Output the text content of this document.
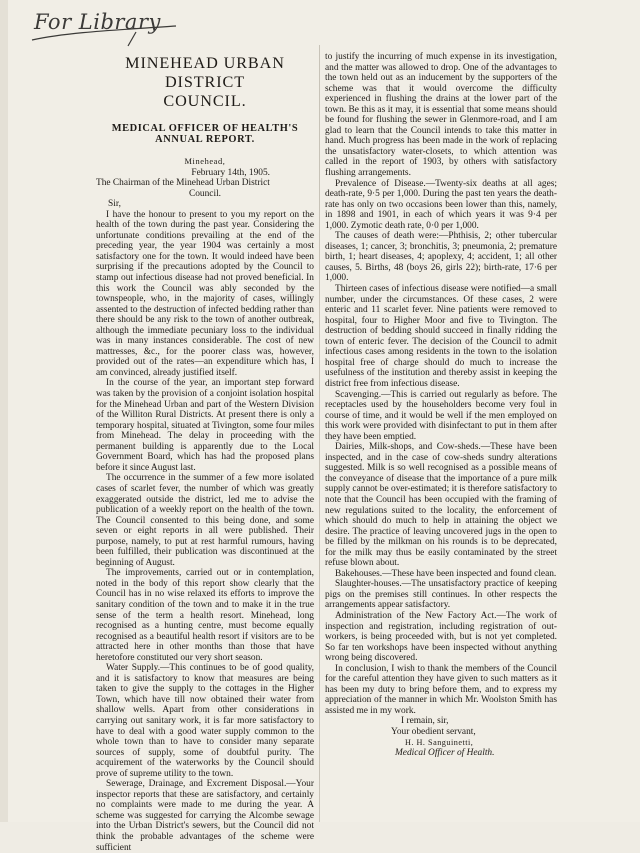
For Library
MINEHEAD URBAN DISTRICT
COUNCIL.
MEDICAL OFFICER OF HEALTH'S
ANNUAL REPORT.

Minehead,

February 14th, 1905.

The Chairman of the Minehead Urban District

Council.

Sir,

I have the honour to present to you my report on the health of the town during the past year. Considering the unfortunate conditions prevailing at the end of the preceding year, the year 1904 was certainly a most satisfactory one for the town. It would indeed have been surprising if the precautions adopted by the Council to stamp out infectious disease had not proved beneficial. In this work the Council was ably seconded by the townspeople, who, in the majority of cases, willingly assented to the destruction of infected bedding rather than there should be any risk to the town of another outbreak, although the immediate pecuniary loss to the individual was in many instances considerable. The cost of new mattresses, &c., for the poorer class was, however, provided out of the rates—an expenditure which has, I am convinced, already justified itself.

In the course of the year, an important step forward was taken by the provision of a conjoint isolation hospital for the Minehead Urban and part of the Western Division of the Williton Rural Districts. At present there is only a temporary hospital, situated at Tivington, some four miles from Minehead. The delay in proceeding with the permanent building is apparently due to the Local Government Board, which has had the proposed plans before it since August last.

The occurrence in the summer of a few more isolated cases of scarlet fever, the number of which was greatly exaggerated outside the district, led me to advise the publication of a weekly report on the health of the town. The Council consented to this being done, and some seven or eight reports in all were published. Their purpose, namely, to put at rest harmful rumours, having been fulfilled, their publication was discontinued at the beginning of August.

The improvements, carried out or in contemplation, noted in the body of this report show clearly that the Council has in no wise relaxed its efforts to improve the sanitary condition of the town and to make it in the true sense of the term a health resort. Minehead, long recognised as a hunting centre, must become equally recognised as a beautiful health resort if visitors are to be attracted here in other months than those that have heretofore constituted our very short season.

Water Supply.—This continues to be of good quality, and it is satisfactory to know that measures are being taken to give the supply to the cottages in the Higher Town, which have till now obtained their water from shallow wells. Apart from other considerations in carrying out sanitary work, it is far more satisfactory to have to deal with a good water supply common to the whole town than to have to consider many separate sources of supply, some of doubtful purity. The acquirement of the waterworks by the Council should prove of supreme utility to the town.

Sewerage, Drainage, and Excrement Disposal.—Your inspector reports that these are satisfactory, and certainly no complaints were made to me during the year. A scheme was suggested for carrying the Alcombe sewage into the Urban District's sewers, but the Council did not think the probable advantages of the scheme were sufficient

to justify the incurring of much expense in its investigation, and the matter was allowed to drop. One of the advantages to the town held out as an inducement by the supporters of the scheme was that it would overcome the difficulty experienced in flushing the drains at the lower part of the town. Be this as it may, it is essential that some means should be found for flushing the sewer in Glenmore-road, and I am glad to learn that the Council intends to take this matter in hand. Much progress has been made in the work of replacing the unsatisfactory water-closets, to which attention was called in the report of 1903, by others with satisfactory flushing arrangements.

Prevalence of Disease.—Twenty-six deaths at all ages; death-rate, 9·5 per 1,000. During the past ten years the death-rate has only on two occasions been lower than this, namely, in 1898 and 1901, in each of which years it was 9·4 per 1,000. Zymotic death rate, 0·0 per 1,000.

The causes of death were:—Phthisis, 2; other tubercular diseases, 1; cancer, 3; bronchitis, 3; pneumonia, 2; premature birth, 1; heart diseases, 4; apoplexy, 4; accident, 1; all other causes, 5. Births, 48 (boys 26, girls 22); birth-rate, 17·6 per 1,000.

Thirteen cases of infectious disease were notified—a small number, under the circumstances. Of these cases, 2 were enteric and 11 scarlet fever. Nine patients were removed to hospital, four to Higher Moor and five to Tivington. The destruction of bedding should succeed in finally ridding the town of enteric fever. The decision of the Council to admit infectious cases among residents in the town to the isolation hospital free of charge should do much to increase the usefulness of the institution and thereby assist in keeping the district free from infectious disease.

Scavenging.—This is carried out regularly as before. The receptacles used by the householders become very foul in course of time, and it would be well if the men employed on this work were provided with disinfectant to put in them after they have been emptied.

Dairies, Milk-shops, and Cow-sheds.—These have been inspected, and in the case of cow-sheds sundry alterations suggested. Milk is so well recognised as a possible means of the conveyance of disease that the importance of a pure milk supply cannot be over-estimated; it is therefore satisfactory to note that the Council has been occupied with the framing of new regulations suited to the locality, the enforcement of which should do much to help in attaining the object we desire. The practice of leaving uncovered jugs in the open to be filled by the milkman on his rounds is to be deprecated, for the milk may thus be easily contaminated by the street refuse blown about.

Bakehouses.—These have been inspected and found clean.

Slaughter-houses.—The unsatisfactory practice of keeping pigs on the premises still continues. In other respects the arrangements appear satisfactory.

Administration of the New Factory Act.—The work of inspection and registration, including registration of out-workers, is being proceeded with, but is not yet completed. So far ten workshops have been inspected without anything wrong being discovered.

In conclusion, I wish to thank the members of the Council for the careful attention they have given to such matters as it has been my duty to bring before them, and to express my appreciation of the manner in which Mr. Woolston Smith has assisted me in my work.

I remain, sir,

Your obedient servant,

H. H. Sanguinetti,

Medical Officer of Health.
